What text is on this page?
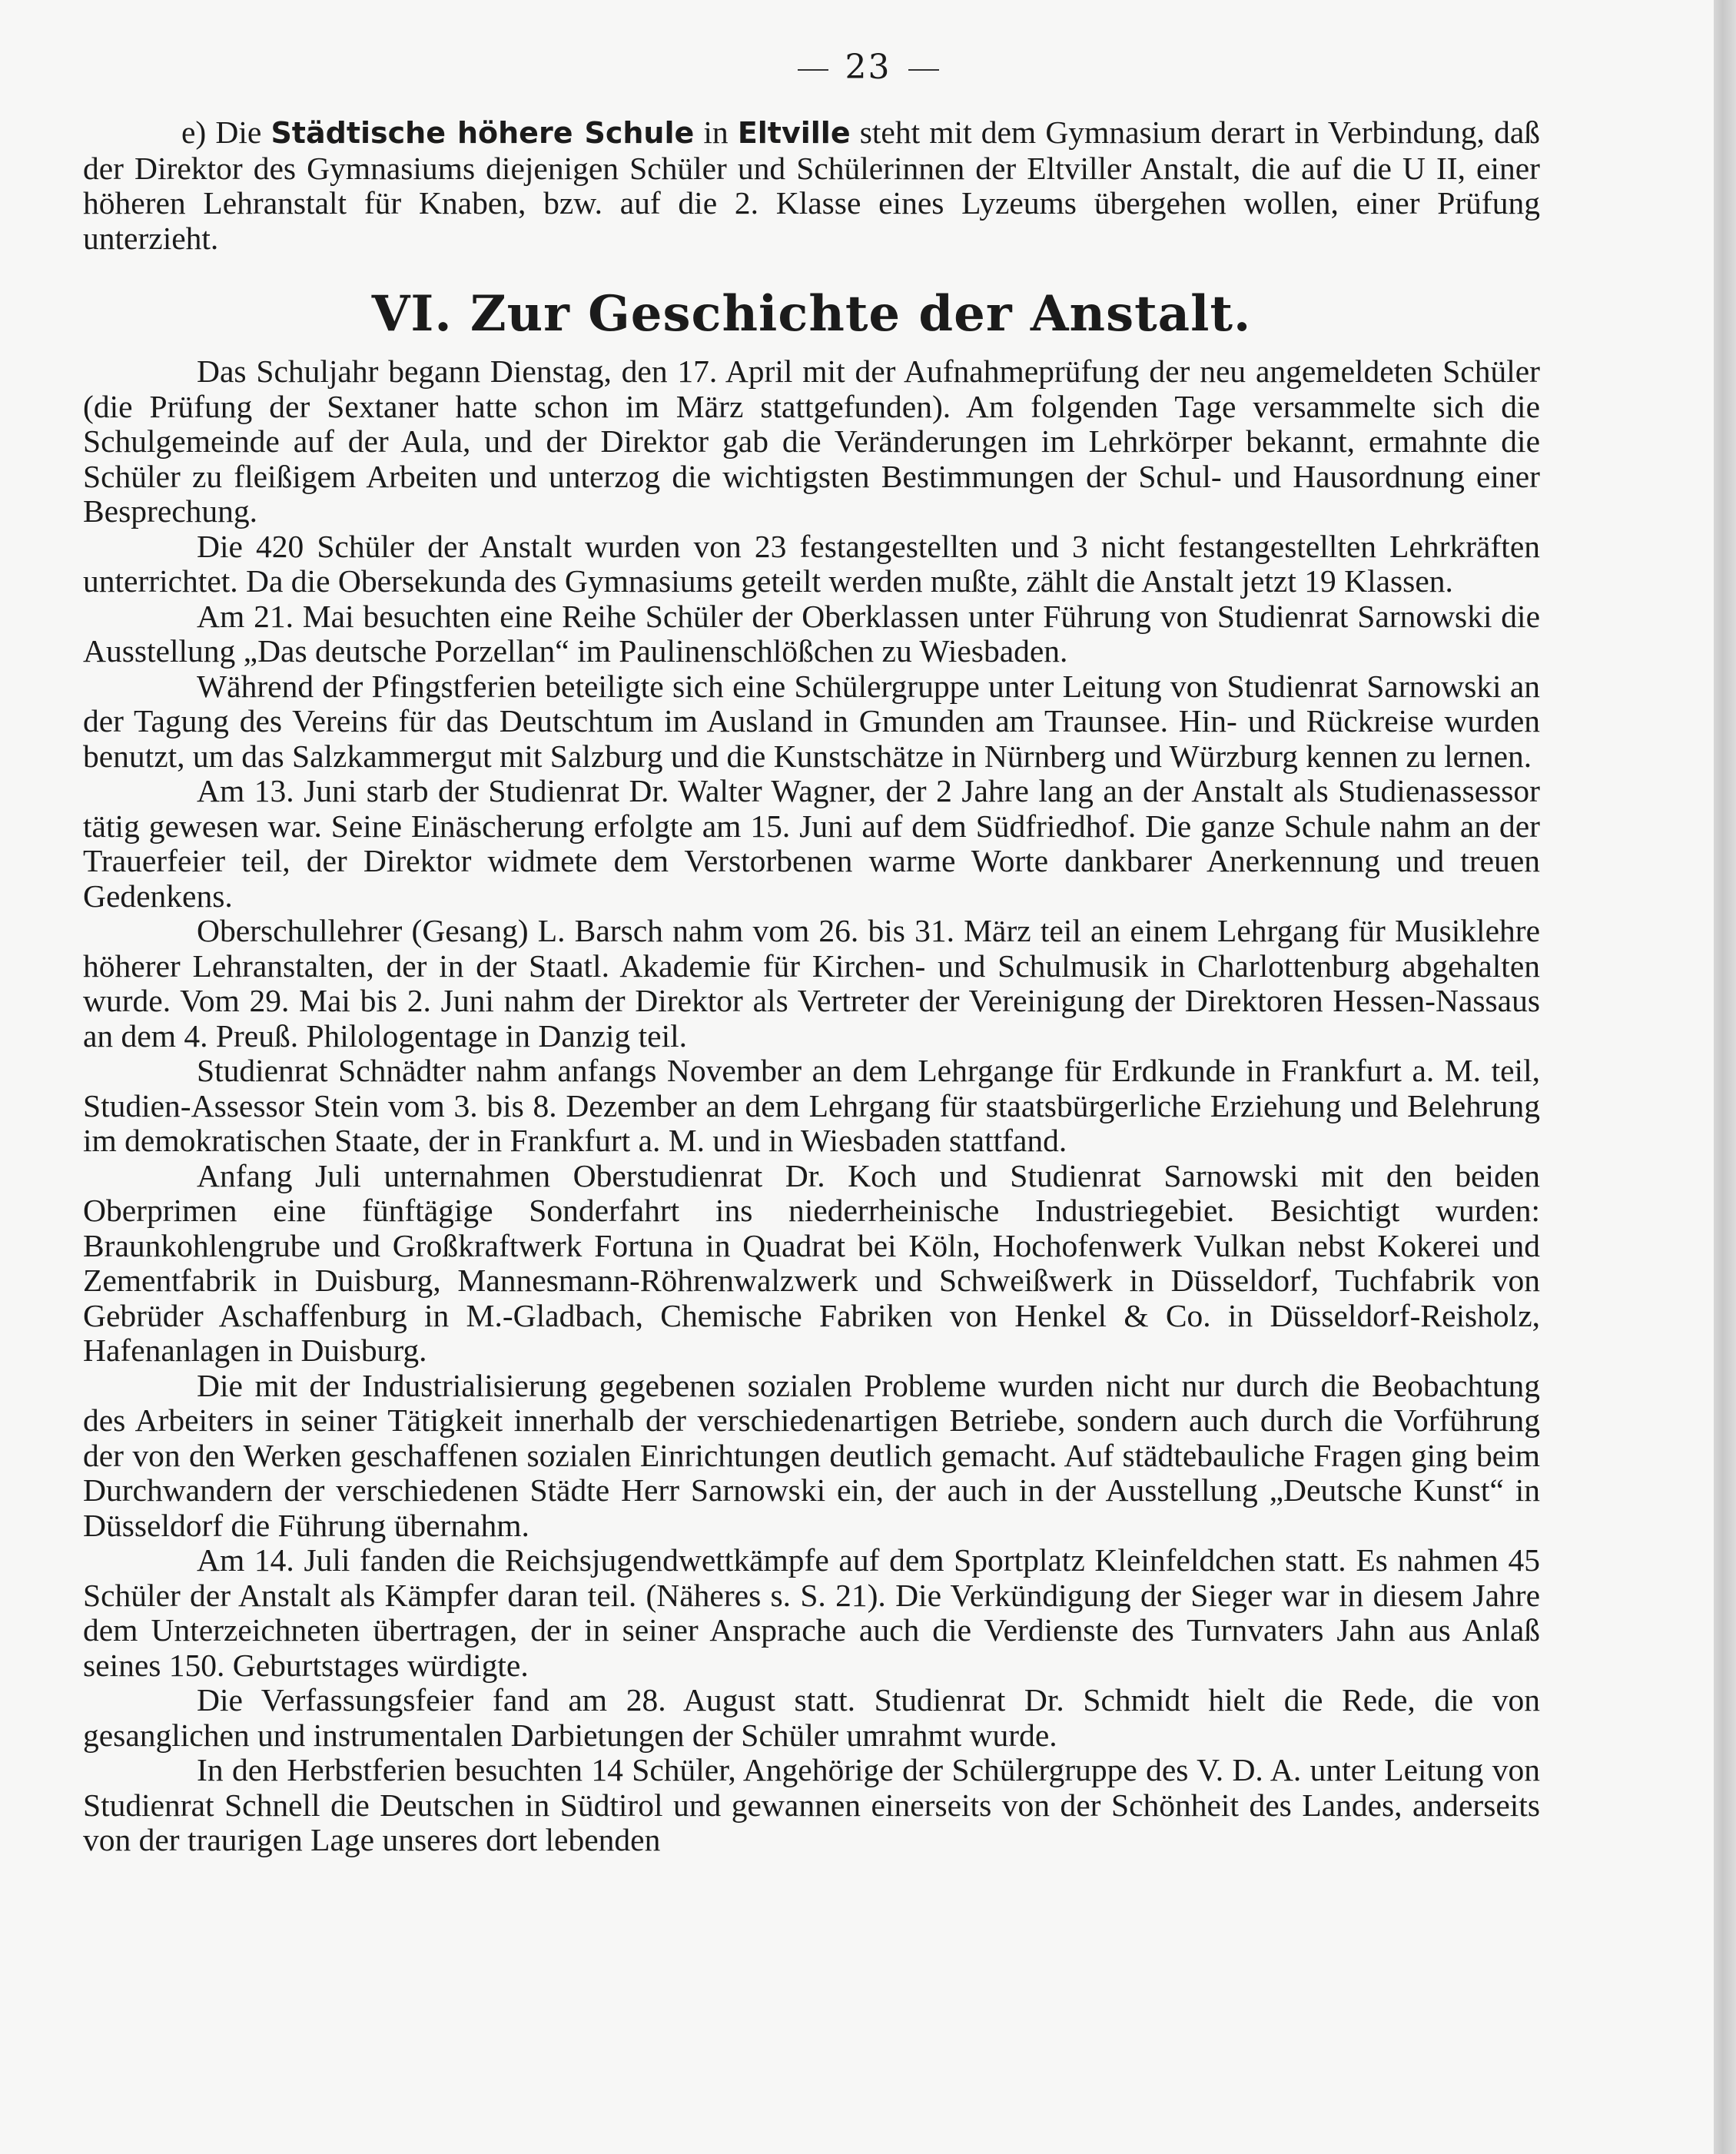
23

e) Die Städtische höhere Schule in Eltville steht mit dem Gymnasium derart in Verbindung, daß der Direktor des Gymnasiums diejenigen Schüler und Schülerinnen der Eltviller Anstalt, die auf die U II, einer höheren Lehranstalt für Knaben, bzw. auf die 2. Klasse eines Lyzeums übergehen wollen, einer Prüfung unterzieht.

VI. Zur Geschichte der Anstalt.

Das Schuljahr begann Dienstag, den 17. April mit der Aufnahmeprüfung der neu angemeldeten Schüler (die Prüfung der Sextaner hatte schon im März stattgefunden). Am folgenden Tage versammelte sich die Schulgemeinde auf der Aula, und der Direktor gab die Veränderungen im Lehrkörper bekannt, ermahnte die Schüler zu fleißigem Arbeiten und unterzog die wichtigsten Bestimmungen der Schul- und Hausordnung einer Besprechung.

Die 420 Schüler der Anstalt wurden von 23 festangestellten und 3 nicht festangestellten Lehrkräften unterrichtet. Da die Obersekunda des Gymnasiums geteilt werden mußte, zählt die Anstalt jetzt 19 Klassen.

Am 21. Mai besuchten eine Reihe Schüler der Oberklassen unter Führung von Studienrat Sarnowski die Ausstellung „Das deutsche Porzellan“ im Paulinenschlößchen zu Wiesbaden.

Während der Pfingstferien beteiligte sich eine Schülergruppe unter Leitung von Studienrat Sarnowski an der Tagung des Vereins für das Deutschtum im Ausland in Gmunden am Traunsee. Hin- und Rückreise wurden benutzt, um das Salzkammergut mit Salzburg und die Kunstschätze in Nürnberg und Würzburg kennen zu lernen.

Am 13. Juni starb der Studienrat Dr. Walter Wagner, der 2 Jahre lang an der Anstalt als Studienassessor tätig gewesen war. Seine Einäscherung erfolgte am 15. Juni auf dem Südfriedhof. Die ganze Schule nahm an der Trauerfeier teil, der Direktor widmete dem Verstorbenen warme Worte dankbarer Anerkennung und treuen Gedenkens.

Oberschullehrer (Gesang) L. Barsch nahm vom 26. bis 31. März teil an einem Lehrgang für Musiklehre höherer Lehranstalten, der in der Staatl. Akademie für Kirchen- und Schulmusik in Charlottenburg abgehalten wurde. Vom 29. Mai bis 2. Juni nahm der Direktor als Vertreter der Vereinigung der Direktoren Hessen-Nassaus an dem 4. Preuß. Philologentage in Danzig teil.

Studienrat Schnädter nahm anfangs November an dem Lehrgange für Erdkunde in Frankfurt a. M. teil, Studien-Assessor Stein vom 3. bis 8. Dezember an dem Lehrgang für staatsbürgerliche Erziehung und Belehrung im demokratischen Staate, der in Frankfurt a. M. und in Wiesbaden stattfand.

Anfang Juli unternahmen Oberstudienrat Dr. Koch und Studienrat Sarnowski mit den beiden Oberprimen eine fünftägige Sonderfahrt ins niederrheinische Industriegebiet. Besichtigt wurden: Braunkohlengrube und Großkraftwerk Fortuna in Quadrat bei Köln, Hochofenwerk Vulkan nebst Kokerei und Zementfabrik in Duisburg, Mannesmann-Röhrenwalzwerk und Schweißwerk in Düsseldorf, Tuchfabrik von Gebrüder Aschaffenburg in M.-Gladbach, Chemische Fabriken von Henkel & Co. in Düsseldorf-Reisholz, Hafenanlagen in Duisburg.

Die mit der Industrialisierung gegebenen sozialen Probleme wurden nicht nur durch die Beobachtung des Arbeiters in seiner Tätigkeit innerhalb der verschiedenartigen Betriebe, sondern auch durch die Vorführung der von den Werken geschaffenen sozialen Einrichtungen deutlich gemacht. Auf städtebauliche Fragen ging beim Durchwandern der verschiedenen Städte Herr Sarnowski ein, der auch in der Ausstellung „Deutsche Kunst“ in Düsseldorf die Führung übernahm.

Am 14. Juli fanden die Reichsjugendwettkämpfe auf dem Sportplatz Kleinfeldchen statt. Es nahmen 45 Schüler der Anstalt als Kämpfer daran teil. (Näheres s. S. 21). Die Verkündigung der Sieger war in diesem Jahre dem Unterzeichneten übertragen, der in seiner Ansprache auch die Verdienste des Turnvaters Jahn aus Anlaß seines 150. Geburtstages würdigte.

Die Verfassungsfeier fand am 28. August statt. Studienrat Dr. Schmidt hielt die Rede, die von gesanglichen und instrumentalen Darbietungen der Schüler umrahmt wurde.

In den Herbstferien besuchten 14 Schüler, Angehörige der Schülergruppe des V. D. A. unter Leitung von Studienrat Schnell die Deutschen in Südtirol und gewannen einerseits von der Schönheit des Landes, anderseits von der traurigen Lage unseres dort lebenden
